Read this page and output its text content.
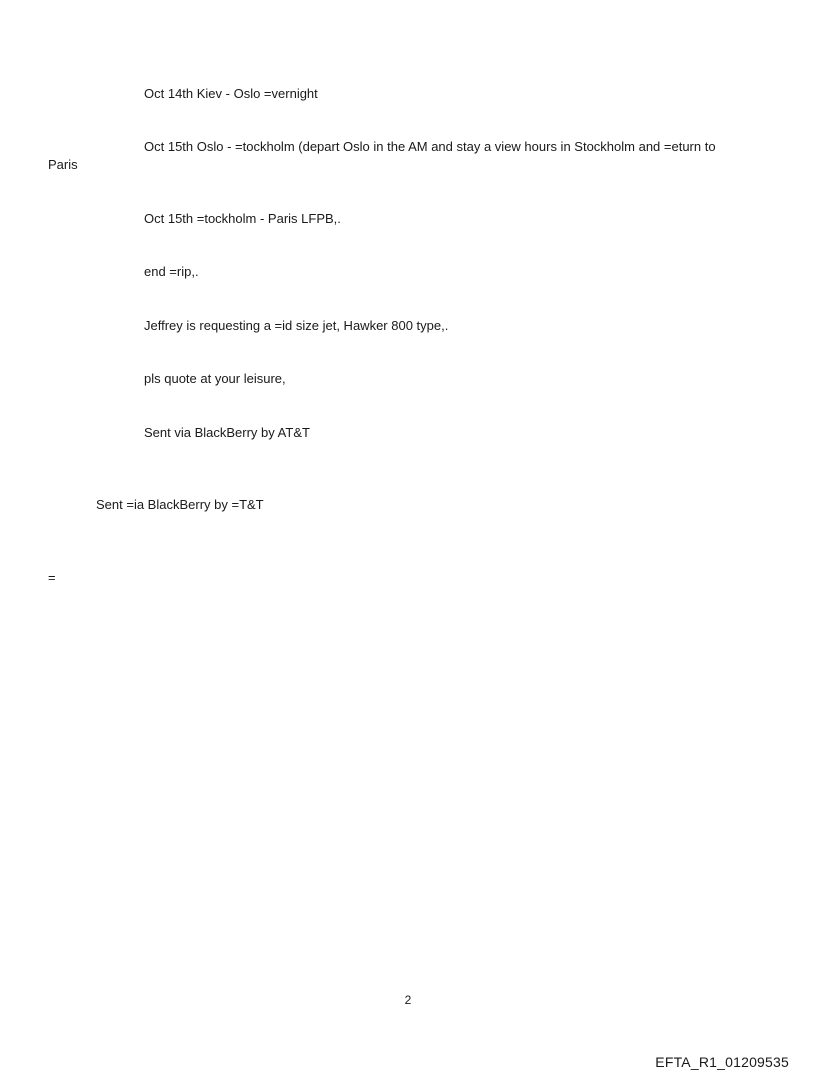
Oct 14th Kiev - Oslo =vernight
Oct 15th Oslo - =tockholm (depart Oslo in the AM and stay a view hours in Stockholm and =eturn to
Paris
Oct 15th =tockholm - Paris LFPB,.
end =rip,.
Jeffrey is requesting a =id size jet, Hawker 800 type,.
pls quote at your leisure,
Sent via BlackBerry by AT&T
Sent =ia BlackBerry by =T&T
=
2
EFTA_R1_01209535
